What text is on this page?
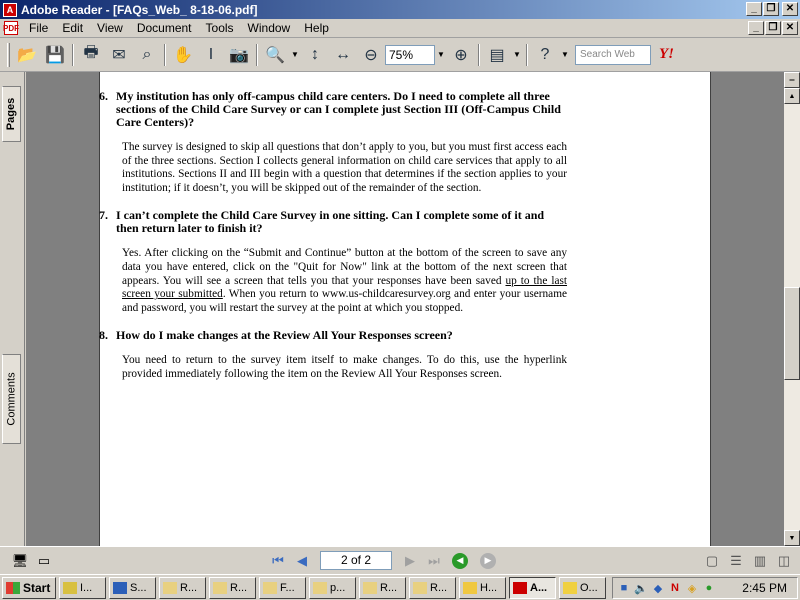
A Adobe Reader - [FAQs_Web_ 8-18-06.pdf]	_ ❐	✕
PDF File	Edit	View	Document	Tools	Window	Help	_ ❐ ✕
📂 💾	🖶 ✉	⌕	✋ I 📷 🔍 ▼ ↕	↔ ⊖ 75%	▼ ⊕	▤	▼	?	▼	Search Web	Y!
Pages
Comments
6. My institution has only off-campus child care centers. Do I need to complete all three sections of the Child Care Survey or can I complete just Section III (Off-Campus Child Care Centers)?
The survey is designed to skip all questions that don’t apply to you, but you must first access each of the three sections. Section I collects general information on child care services that apply to all institutions. Sections II and III begin with a question that determines if the section applies to your institution; if it doesn’t, you will be skipped out of the remainder of the section.
7. I can’t complete the Child Care Survey in one sitting. Can I complete some of it and then return later to finish it?
Yes. After clicking on the “Submit and Continue” button at the bottom of the screen to save any data you have entered, click on the "Quit for Now" link at the bottom of the next screen that appears. You will see a screen that tells you that your responses have been saved up to the last screen your submitted. When you return to www.us-childcaresurvey.org and enter your username and password, you will restart the survey at the point at which you stopped.
8. How do I make changes at the Review All Your Responses screen?
You need to return to the survey item itself to make changes. To do this, use the hyperlink provided immediately following the item on the Review All Your Responses screen.
═
▲
▼
🖥 ▭	⏮	◀	2 of 2	▶	⏭	◀	▶	▢ ☰ ▥ ◫
Start	I...	S...	R...	R...	F...	p...	R...	R...	H...	A...	O...	■ 🔈 ◆ N ◈ ●	2:45 PM
